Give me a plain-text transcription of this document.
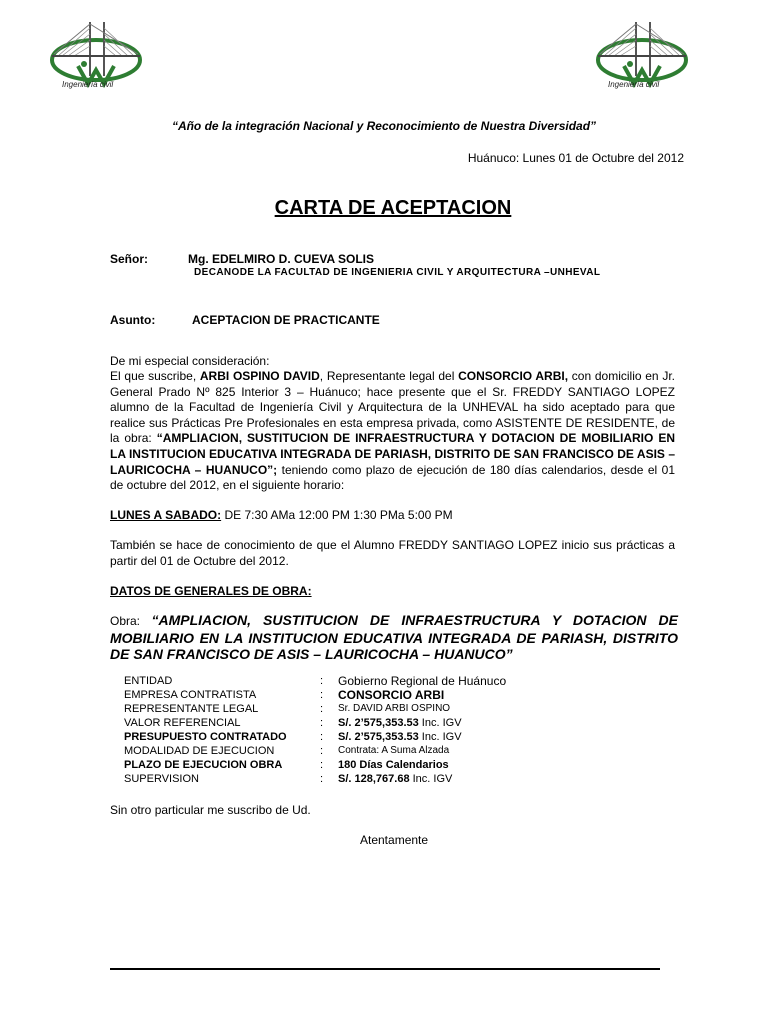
Ingeniería civil	Ingeniería civil
“Año de la integración Nacional y Reconocimiento de Nuestra Diversidad”
Huánuco: Lunes 01 de Octubre del 2012
CARTA DE ACEPTACION
Señor:	Mg. EDELMIRO D. CUEVA SOLIS
DECANODE LA FACULTAD DE INGENIERIA CIVIL Y ARQUITECTURA –UNHEVAL
Asunto:	ACEPTACION DE PRACTICANTE
De mi especial consideración:
El que suscribe, ARBI OSPINO DAVID, Representante legal del CONSORCIO ARBI, con domicilio en Jr. General Prado Nº 825 Interior 3 – Huánuco; hace presente que el Sr. FREDDY SANTIAGO LOPEZ alumno de la Facultad de Ingeniería Civil y Arquitectura de la UNHEVAL ha sido aceptado para que realice sus Prácticas Pre Profesionales en esta empresa privada, como ASISTENTE DE RESIDENTE, de la obra: “AMPLIACION, SUSTITUCION DE INFRAESTRUCTURA Y DOTACION DE MOBILIARIO EN LA INSTITUCION EDUCATIVA INTEGRADA DE PARIASH, DISTRITO DE SAN FRANCISCO DE ASIS – LAURICOCHA – HUANUCO”; teniendo como plazo de ejecución de 180 días calendarios, desde el 01 de octubre del 2012, en el siguiente horario:
LUNES A SABADO: DE 7:30 AMa 12:00 PM 1:30 PMa 5:00 PM
También se hace de conocimiento de que el Alumno FREDDY SANTIAGO LOPEZ inicio sus prácticas a partir del 01 de Octubre del 2012.
DATOS DE GENERALES DE OBRA:
Obra: “AMPLIACION, SUSTITUCION DE INFRAESTRUCTURA Y DOTACION DE MOBILIARIO EN LA INSTITUCION EDUCATIVA INTEGRADA DE PARIASH, DISTRITO DE SAN FRANCISCO DE ASIS – LAURICOCHA – HUANUCO”
ENTIDAD	:	Gobierno Regional de Huánuco
EMPRESA CONTRATISTA	:	CONSORCIO ARBI
REPRESENTANTE LEGAL	:	Sr. DAVID ARBI OSPINO
VALOR REFERENCIAL	:	S/. 2’575,353.53 Inc. IGV
PRESUPUESTO CONTRATADO	:	S/. 2’575,353.53 Inc. IGV
MODALIDAD DE EJECUCION	:	Contrata: A Suma Alzada
PLAZO DE EJECUCION OBRA	:	180 Días Calendarios
SUPERVISION	:	S/. 128,767.68 Inc. IGV
Sin otro particular me suscribo de Ud.
Atentamente
